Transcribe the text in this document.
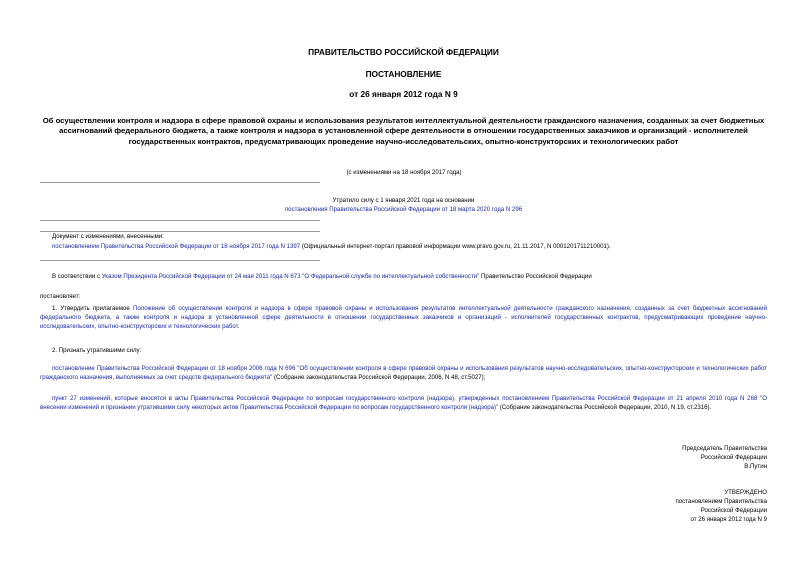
ПРАВИТЕЛЬСТВО РОССИЙСКОЙ ФЕДЕРАЦИИ
ПОСТАНОВЛЕНИЕ
от 26 января 2012 года N 9
Об осуществлении контроля и надзора в сфере правовой охраны и использования результатов интеллектуальной деятельности гражданского назначения, созданных за счет бюджетных ассигнований федерального бюджета, а также контроля и надзора в установленной сфере деятельности в отношении государственных заказчиков и организаций - исполнителей государственных контрактов, предусматривающих проведение научно-исследовательских, опытно-конструкторских и технологических работ
(с изменениями на 18 ноября 2017 года)
Утратило силу с 1 января 2021 года на основании
постановления Правительства Российской Федерации от 18 марта 2020 года N 296
Документ с изменениями, внесенными:
постановлением Правительства Российской Федерации от 18 ноября 2017 года N 1397 (Официальный интернет-портал правовой информации www.pravo.gov.ru, 21.11.2017, N 0001201711210001).
В соответствии с Указом Президента Российской Федерации от 24 мая 2011 года N 673 "О Федеральной службе по интеллектуальной собственности" Правительство Российской Федерации
постановляет:
1. Утвердить прилагаемое Положение об осуществлении контроля и надзора в сфере правовой охраны и использования результатов интеллектуальной деятельности гражданского назначения, созданных за счет бюджетных ассигнований федерального бюджета, а также контроля и надзора в установленной сфере деятельности в отношении государственных заказчиков и организаций - исполнителей государственных контрактов, предусматривающих проведение научно-исследовательских, опытно-конструкторских и технологических работ.
2. Признать утратившими силу:
постановление Правительства Российской Федерации от 18 ноября 2006 года N 696 "Об осуществлении контроля в сфере правовой охраны и использования результатов научно-исследовательских, опытно-конструкторских и технологических работ гражданского назначения, выполняемых за счет средств федерального бюджета" (Собрание законодательства Российской Федерации, 2006, N 48, ст.5027);
пункт 27 изменений, которые вносятся в акты Правительства Российской Федерации по вопросам государственного контроля (надзора), утвержденных постановлением Правительства Российской Федерации от 21 апреля 2010 года N 268 "О внесении изменений и признании утратившими силу некоторых актов Правительства Российской Федерации по вопросам государственного контроля (надзора)" (Собрание законодательства Российской Федерации, 2010, N 19, ст.2316).
Председатель Правительства
Российской Федерации
В.Путин
УТВЕРЖДЕНО
постановлением Правительства
Российской Федерации
от 26 января 2012 года N 9
